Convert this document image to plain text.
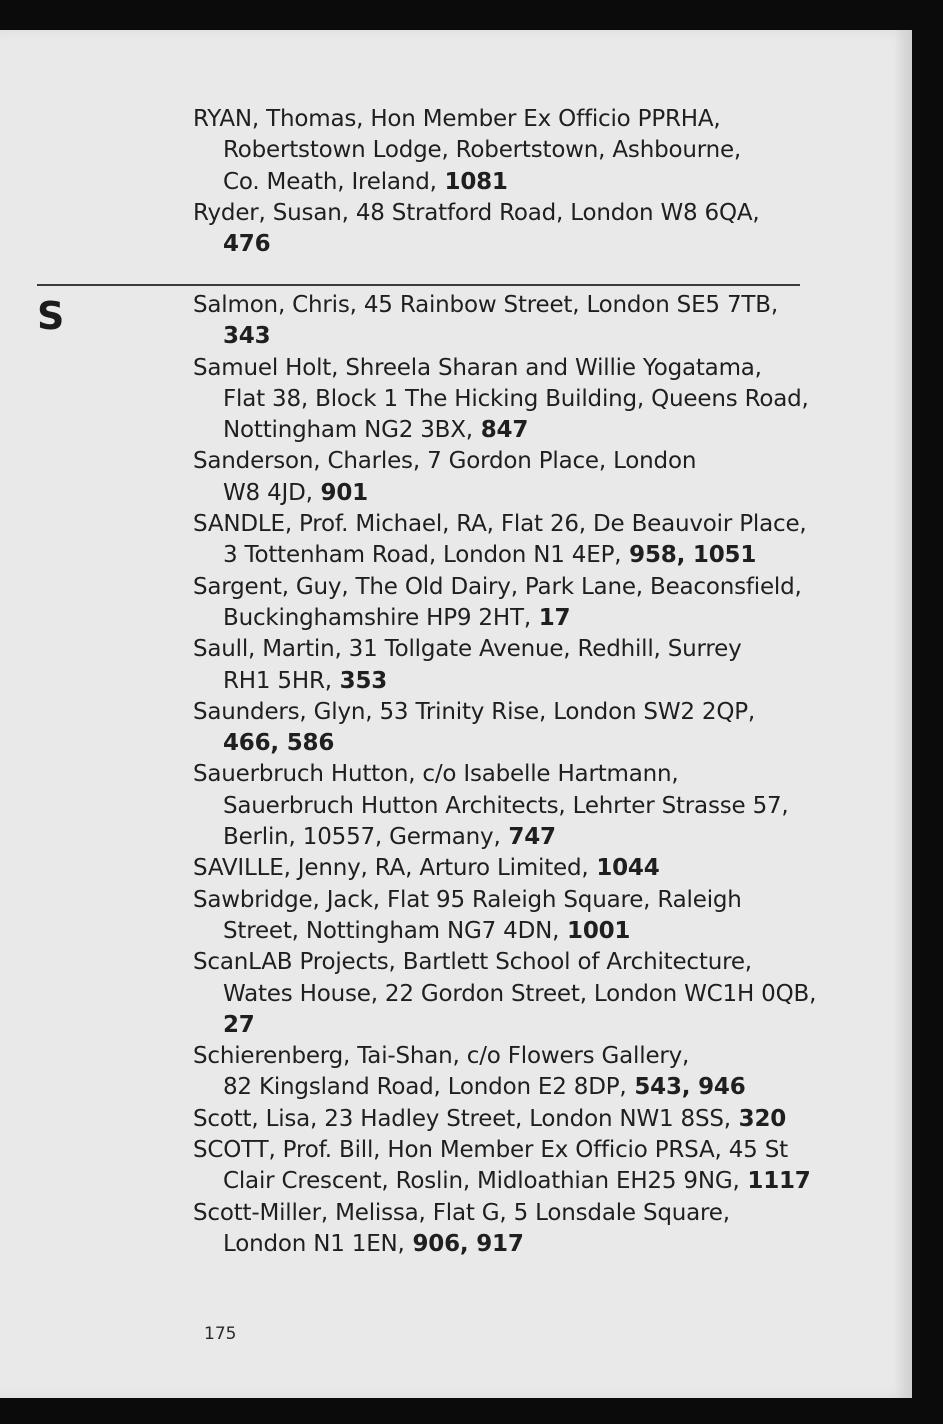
RYAN, Thomas, Hon Member Ex Officio PPRHA,
Robertstown Lodge, Robertstown, Ashbourne,
Co. Meath, Ireland, 1081
Ryder, Susan, 48 Stratford Road, London W8 6QA,
476
S	Salmon, Chris, 45 Rainbow Street, London SE5 7TB,
343
Samuel Holt, Shreela Sharan and Willie Yogatama,
Flat 38, Block 1 The Hicking Building, Queens Road,
Nottingham NG2 3BX, 847
Sanderson, Charles, 7 Gordon Place, London
W8 4JD, 901
SANDLE, Prof. Michael, RA, Flat 26, De Beauvoir Place,
3 Tottenham Road, London N1 4EP, 958, 1051
Sargent, Guy, The Old Dairy, Park Lane, Beaconsfield,
Buckinghamshire HP9 2HT, 17
Saull, Martin, 31 Tollgate Avenue, Redhill, Surrey
RH1 5HR, 353
Saunders, Glyn, 53 Trinity Rise, London SW2 2QP,
466, 586
Sauerbruch Hutton, c/o Isabelle Hartmann,
Sauerbruch Hutton Architects, Lehrter Strasse 57,
Berlin, 10557, Germany, 747
SAVILLE, Jenny, RA, Arturo Limited, 1044
Sawbridge, Jack, Flat 95 Raleigh Square, Raleigh
Street, Nottingham NG7 4DN, 1001
ScanLAB Projects, Bartlett School of Architecture,
Wates House, 22 Gordon Street, London WC1H 0QB,
27
Schierenberg, Tai-Shan, c/o Flowers Gallery,
82 Kingsland Road, London E2 8DP, 543, 946
Scott, Lisa, 23 Hadley Street, London NW1 8SS, 320
SCOTT, Prof. Bill, Hon Member Ex Officio PRSA, 45 St
Clair Crescent, Roslin, Midloathian EH25 9NG, 1117
Scott-Miller, Melissa, Flat G, 5 Lonsdale Square,
London N1 1EN, 906, 917
175
